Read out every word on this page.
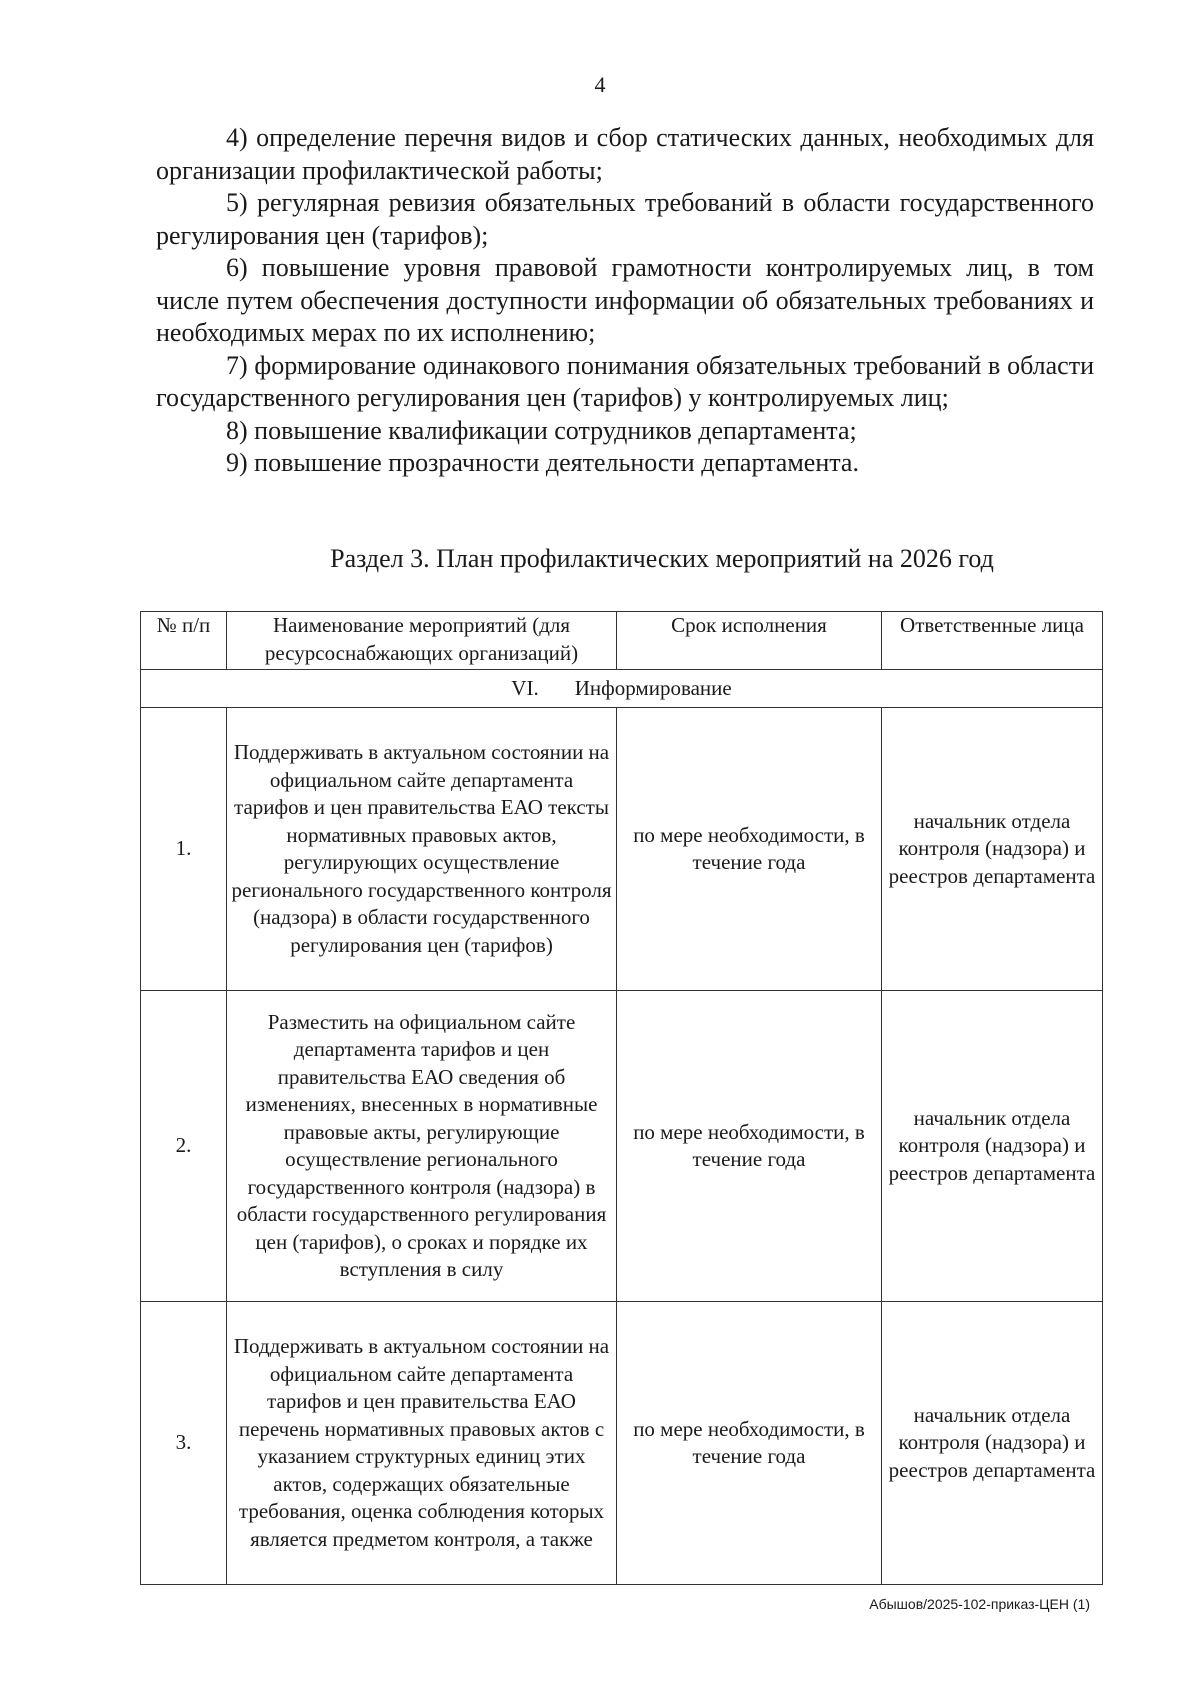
4

4) определение перечня видов и сбор статических данных, необходимых для организации профилактической работы;

5) регулярная ревизия обязательных требований в области государственного регулирования цен (тарифов);

6) повышение уровня правовой грамотности контролируемых лиц, в том числе путем обеспечения доступности информации об обязательных требованиях и необходимых мерах по их исполнению;

7) формирование одинакового понимания обязательных требований в области государственного регулирования цен (тарифов) у контролируемых лиц;

8) повышение квалификации сотрудников департамента;

9) повышение прозрачности деятельности департамента.

Раздел 3. План профилактических мероприятий на 2026 год
№ п/п	Наименование мероприятий (для ресурсоснабжающих организаций)	Срок исполнения	Ответственные лица
VI. Информирование			
1.	Поддерживать в актуальном состоянии на официальном сайте департамента тарифов и цен правительства ЕАО тексты нормативных правовых актов, регулирующих осуществление регионального государственного контроля (надзора) в области государственного регулирования цен (тарифов)	по мере необходимости, в течение года	начальник отдела контроля (надзора) и реестров департамента
2.	Разместить на официальном сайте департамента тарифов и цен правительства ЕАО сведения об изменениях, внесенных в нормативные правовые акты, регулирующие осуществление регионального государственного контроля (надзора) в области государственного регулирования цен (тарифов), о сроках и порядке их вступления в силу	по мере необходимости, в течение года	начальник отдела контроля (надзора) и реестров департамента
3.	Поддерживать в актуальном состоянии на официальном сайте департамента тарифов и цен правительства ЕАО перечень нормативных правовых актов с указанием структурных единиц этих актов, содержащих обязательные требования, оценка соблюдения которых является предметом контроля, а также	по мере необходимости, в течение года	начальник отдела контроля (надзора) и реестров департамента
Абышов/2025-102-приказ-ЦЕН (1)
